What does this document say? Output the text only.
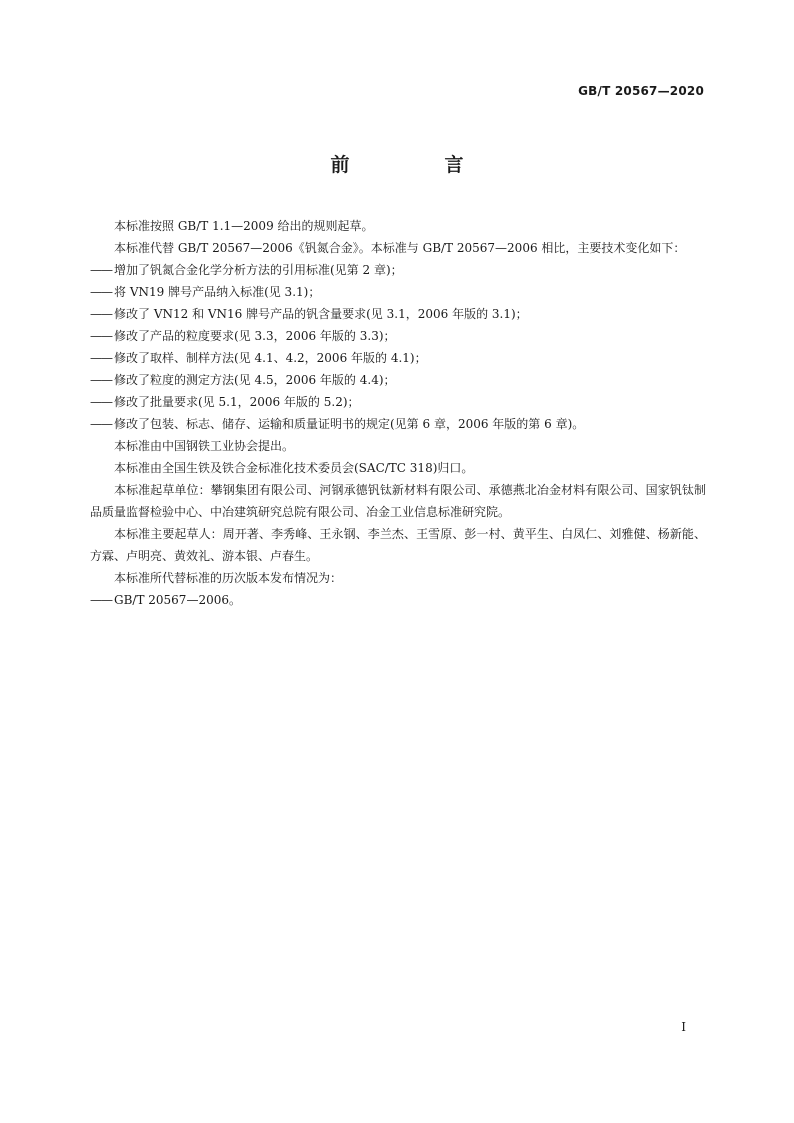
GB/T 20567—2020
前　言

本标准按照 GB/T 1.1—2009 给出的规则起草。

本标准代替 GB/T 20567—2006《钒氮合金》。本标准与 GB/T 20567—2006 相比，主要技术变化如下：

—— 增加了钒氮合金化学分析方法的引用标准(见第 2 章)；

—— 将 VN19 牌号产品纳入标准(见 3.1)；

—— 修改了 VN12 和 VN16 牌号产品的钒含量要求(见 3.1，2006 年版的 3.1)；

—— 修改了产品的粒度要求(见 3.3，2006 年版的 3.3)；

—— 修改了取样、制样方法(见 4.1、4.2，2006 年版的 4.1)；

—— 修改了粒度的测定方法(见 4.5，2006 年版的 4.4)；

—— 修改了批量要求(见 5.1，2006 年版的 5.2)；

—— 修改了包装、标志、储存、运输和质量证明书的规定(见第 6 章，2006 年版的第 6 章)。

本标准由中国钢铁工业协会提出。

本标准由全国生铁及铁合金标准化技术委员会(SAC/TC 318)归口。

本标准起草单位：攀钢集团有限公司、河钢承德钒钛新材料有限公司、承德燕北冶金材料有限公司、国家钒钛制品质量监督检验中心、中冶建筑研究总院有限公司、冶金工业信息标准研究院。

本标准主要起草人：周开著、李秀峰、王永钢、李兰杰、王雪原、彭一村、黄平生、白凤仁、刘雅健、杨新能、方霖、卢明亮、黄效礼、游本银、卢春生。

本标准所代替标准的历次版本发布情况为：

—— GB/T 20567—2006。

I
